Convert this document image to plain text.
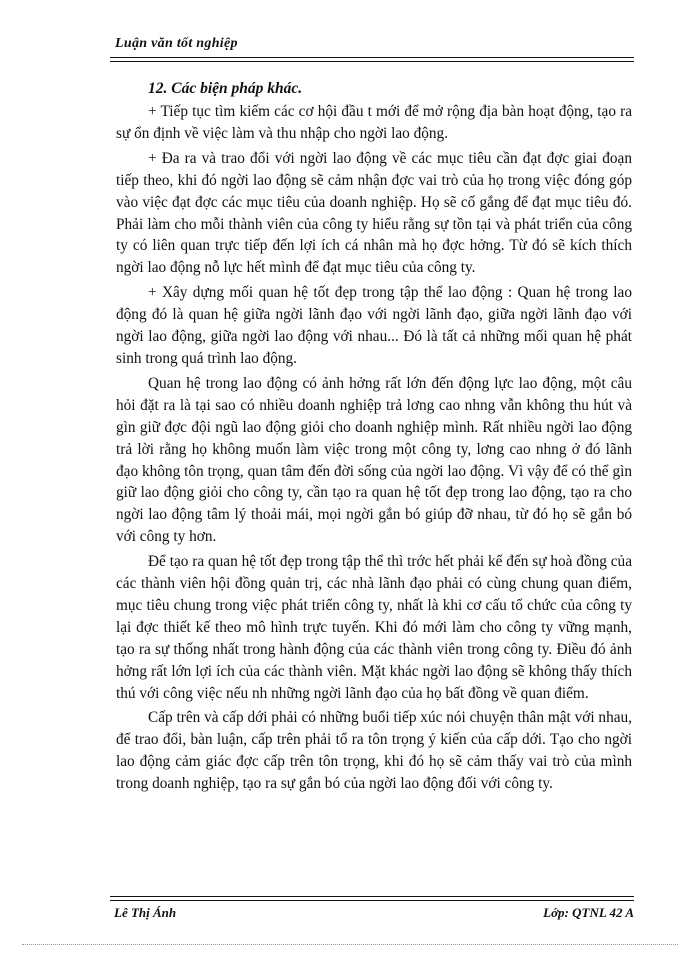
Luận văn tốt nghiệp
12. Các biện pháp khác.

+ Tiếp tục tìm kiếm các cơ hội đầu t mới để mở rộng địa bàn hoạt động, tạo ra sự ổn định về việc làm và thu nhập cho ngời lao động.

+ Đa ra và trao đổi với ngời lao động về các mục tiêu cần đạt đợc giai đoạn tiếp theo, khi đó ngời lao động sẽ cảm nhận đợc vai trò của họ trong việc đóng góp vào việc đạt đợc các mục tiêu của doanh nghiệp. Họ sẽ cố gắng để đạt mục tiêu đó. Phải làm cho mỗi thành viên của công ty hiểu rằng sự tồn tại và phát triển của công ty có liên quan trực tiếp đến lợi ích cá nhân mà họ đợc hởng. Từ đó sẽ kích thích ngời lao động nỗ lực hết mình để đạt mục tiêu của công ty.

+ Xây dựng mối quan hệ tốt đẹp trong tập thể lao động : Quan hệ trong lao động đó là quan hệ giữa ngời lãnh đạo với ngời lãnh đạo, giữa ngời lãnh đạo với ngời lao động, giữa ngời lao động với nhau... Đó là tất cả những mối quan hệ phát sinh trong quá trình lao động.

Quan hệ trong lao động có ảnh hởng rất lớn đến động lực lao động, một câu hỏi đặt ra là tại sao có nhiều doanh nghiệp trả lơng cao nhng vẫn không thu hút và gìn giữ đợc đội ngũ lao động giỏi cho doanh nghiệp mình. Rất nhiều ngời lao động trả lời rằng họ không muốn làm việc trong một công ty, lơng cao nhng ở đó lãnh đạo không tôn trọng, quan tâm đến đời sống của ngời lao động. Vì vậy để có thể gìn giữ lao động giỏi cho công ty, cần tạo ra quan hệ tốt đẹp trong lao động, tạo ra cho ngời lao động tâm lý thoải mái, mọi ngời gắn bó giúp đỡ nhau, từ đó họ sẽ gắn bó với công ty hơn.

Để tạo ra quan hệ tốt đẹp trong tập thể thì trớc hết phải kể đến sự hoà đồng của các thành viên hội đồng quản trị, các nhà lãnh đạo phải có cùng chung quan điểm, mục tiêu chung trong việc phát triển công ty, nhất là khi cơ cấu tổ chức của công ty lại đợc thiết kế theo mô hình trực tuyến. Khi đó mới làm cho công ty vững mạnh, tạo ra sự thống nhất trong hành động của các thành viên trong công ty. Điều đó ảnh hởng rất lớn lợi ích của các thành viên. Mặt khác ngời lao động sẽ không thấy thích thú với công việc nếu nh những ngời lãnh đạo của họ bất đồng về quan điểm.

Cấp trên và cấp dới phải có những buổi tiếp xúc nói chuyện thân mật với nhau, để trao đổi, bàn luận, cấp trên phải tổ ra tôn trọng ý kiến của cấp dới. Tạo cho ngời lao động cảm giác đợc cấp trên tôn trọng, khi đó họ sẽ cảm thấy vai trò của mình trong doanh nghiệp, tạo ra sự gắn bó của ngời lao động đối với công ty.

Lê Thị Ánh	Lớp: QTNL 42 A
